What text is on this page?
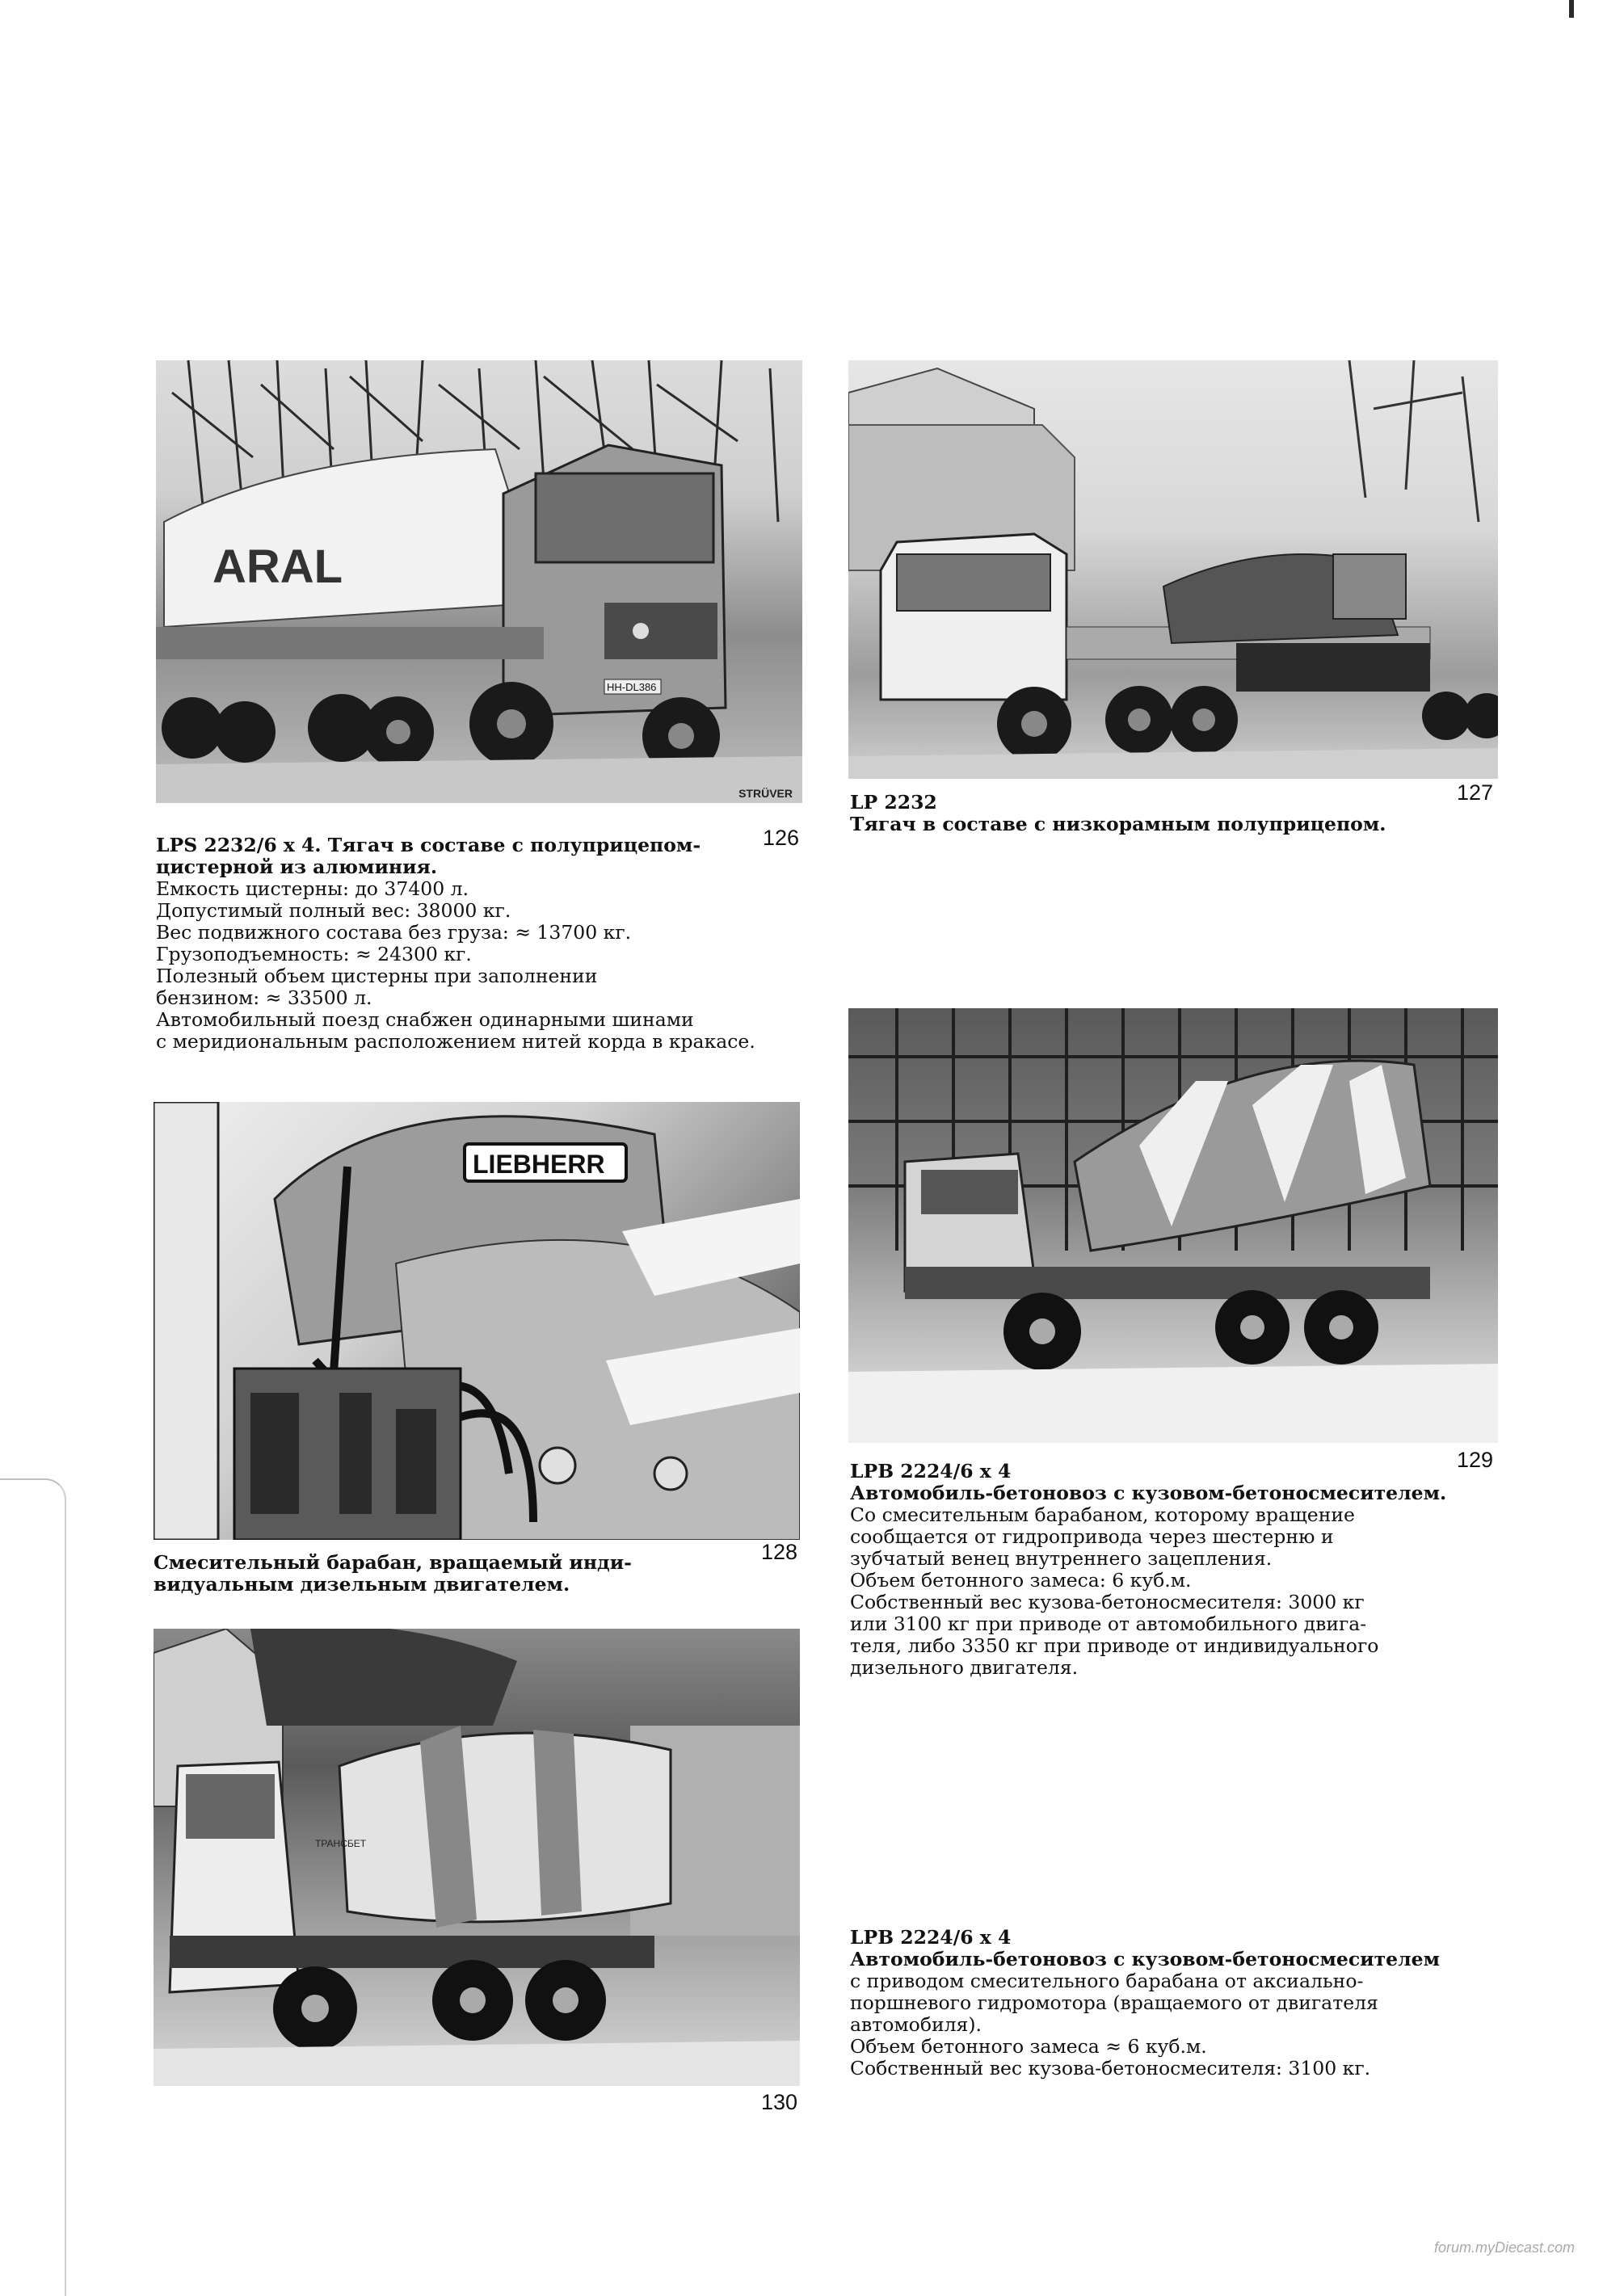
ARAL
HH-DL386
STRÜVER
126
LPS 2232/6 x 4. Тягач в составе с полуприцепом-
цистерной из алюминия.
Емкость цистерны: до 37400 л.
Допустимый полный вес: 38000 кг.
Вес подвижного состава без груза: ≈ 13700 кг.
Грузоподъемность: ≈ 24300 кг.
Полезный объем цистерны при заполнении
бензином: ≈ 33500 л.
Автомобильный поезд снабжен одинарными шинами
с меридиональным расположением нитей корда в кракасе.
127
LP 2232
Тягач в составе с низкорамным полуприцепом.
LIEBHERR
128
Смесительный барабан, вращаемый инди-
видуальным дизельным двигателем.
129
LPB 2224/6 x 4
Автомобиль-бетоновоз с кузовом-бетоносмесителем.
Со смесительным барабаном, которому вращение
сообщается от гидропривода через шестерню и
зубчатый венец внутреннего зацепления.
Объем бетонного замеса: 6 куб.м.
Собственный вес кузова-бетоносмесителя: 3000 кг
или 3100 кг при приводе от автомобильного двига-
теля, либо 3350 кг при приводе от индивидуального
дизельного двигателя.
ТРАНСБЕТ
130
LPB 2224/6 x 4
Автомобиль-бетоновоз с кузовом-бетоносмесителем
с приводом смесительного барабана от аксиально-
поршневого гидромотора (вращаемого от двигателя
автомобиля).
Объем бетонного замеса ≈ 6 куб.м.
Собственный вес кузова-бетоносмесителя: 3100 кг.
forum.myDiecast.com
